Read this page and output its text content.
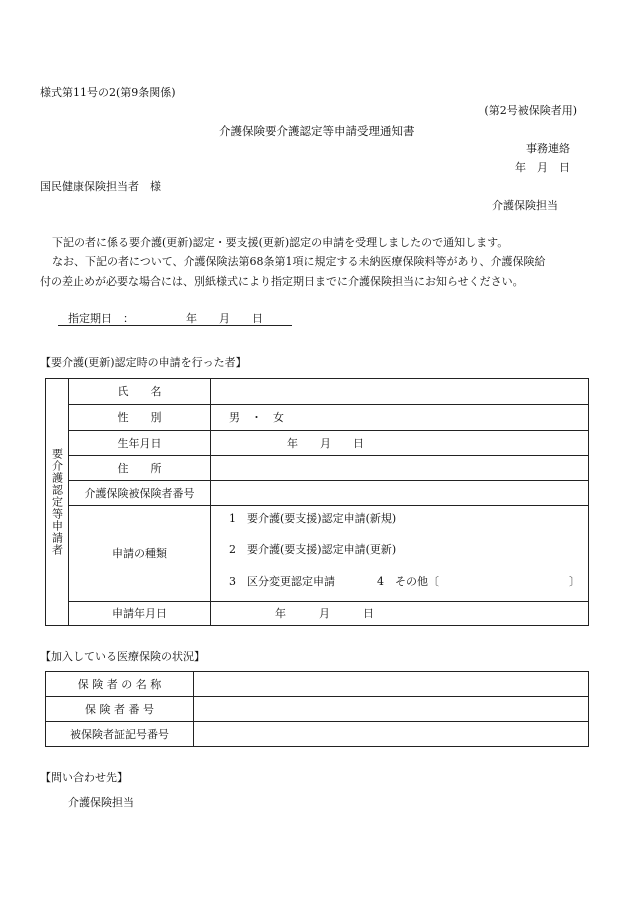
様式第11号の2(第9条関係)
(第2号被保険者用)
介護保険要介護認定等申請受理通知書
事務連絡
年　月　日
国民健康保険担当者　様
介護保険担当
下記の者に係る要介護(更新)認定・要支援(更新)認定の申請を受理しましたので通知します。
なお、下記の者について、介護保険法第68条第1項に規定する未納医療保険料等があり、介護保険給
付の差止めが必要な場合には、別紙様式により指定期日までに介護保険担当にお知らせください。
指定期日　：	年　　月　　日
【要介護(更新)認定時の申請を行った者】
要介護認定等申請者	氏　　名	
	性　　別	男　・　女
	生年月日	年　　月　　日
	住　　所	
	介護保険被保険者番号	

	申請の種類	1　要介護(要支援)認定申請(新規)
2　要介護(要支援)認定申請(更新)
3　区分変更認定申請 4　その他〔 〕

	申請年月日	年　　　月　　　日
【加入している医療保険の状況】
保 険 者 の 名 称	
保 険 者 番 号	
被保険者証記号番号	
【問い合わせ先】
介護保険担当
